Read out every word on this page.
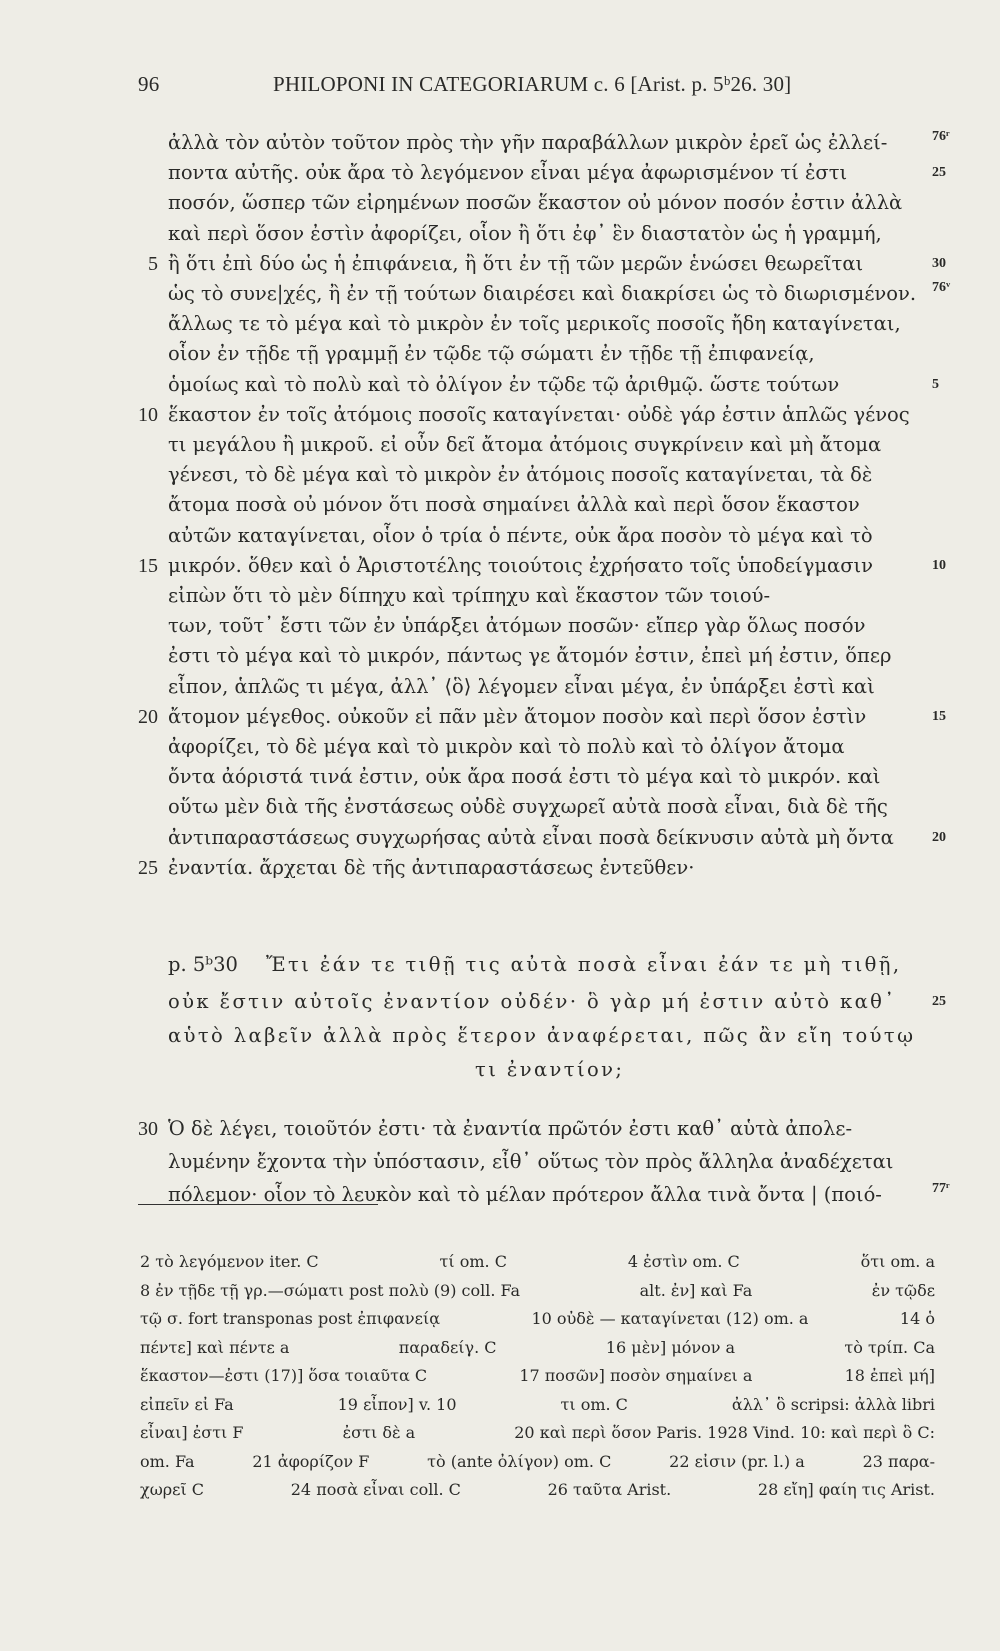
96	PHILOPONI IN CATEGORIARUM c. 6 [Arist. p. 5ᵇ26. 30]
ἀλλὰ τὸν αὐτὸν τοῦτον πρὸς τὴν γῆν παραβάλλων μικρὸν ἐρεῖ ὡς ἐλλεί-	76ʳ
ποντα αὐτῆς. οὐκ ἄρα τὸ λεγόμενον εἶναι μέγα ἀφωρισμένον τί ἐστι	25
ποσόν, ὥσπερ τῶν εἰρημένων ποσῶν ἕκαστον οὐ μόνον ποσόν ἐστιν ἀλλὰ
καὶ περὶ ὅσον ἐστὶν ἀφορίζει, οἷον ἢ ὅτι ἐφ᾿ ἓν διαστατὸν ὡς ἡ γραμμή,
5 ἢ ὅτι ἐπὶ δύο ὡς ἡ ἐπιφάνεια, ἢ ὅτι ἐν τῇ τῶν μερῶν ἑνώσει θεωρεῖται	30
ὡς τὸ συνε|χές, ἢ ἐν τῇ τούτων διαιρέσει καὶ διακρίσει ὡς τὸ διωρισμένον. 76ᵛ
ἄλλως τε τὸ μέγα καὶ τὸ μικρὸν ἐν τοῖς μερικοῖς ποσοῖς ἤδη καταγίνεται,
οἷον ἐν τῇδε τῇ γραμμῇ ἐν τῷδε τῷ σώματι ἐν τῇδε τῇ ἐπιφανείᾳ,
ὁμοίως καὶ τὸ πολὺ καὶ τὸ ὀλίγον ἐν τῷδε τῷ ἀριθμῷ. ὥστε τούτων	5
10 ἕκαστον ἐν τοῖς ἀτόμοις ποσοῖς καταγίνεται· οὐδὲ γάρ ἐστιν ἁπλῶς γένος
τι μεγάλου ἢ μικροῦ. εἰ οὖν δεῖ ἄτομα ἀτόμοις συγκρίνειν καὶ μὴ ἄτομα
γένεσι, τὸ δὲ μέγα καὶ τὸ μικρὸν ἐν ἀτόμοις ποσοῖς καταγίνεται, τὰ δὲ
ἄτομα ποσὰ οὐ μόνον ὅτι ποσὰ σημαίνει ἀλλὰ καὶ περὶ ὅσον ἕκαστον
αὐτῶν καταγίνεται, οἷον ὁ τρία ὁ πέντε, οὐκ ἄρα ποσὸν τὸ μέγα καὶ τὸ
15 μικρόν. ὅθεν καὶ ὁ Ἀριστοτέλης τοιούτοις ἐχρήσατο τοῖς ὑποδείγμασιν	10
εἰπὼν ὅτι τὸ μὲν δίπηχυ καὶ τρίπηχυ καὶ ἕκαστον τῶν τοιού-
των, τοῦτ᾿ ἔστι τῶν ἐν ὑπάρξει ἀτόμων ποσῶν· εἴπερ γὰρ ὅλως ποσόν
ἐστι τὸ μέγα καὶ τὸ μικρόν, πάντως γε ἄτομόν ἐστιν, ἐπεὶ μή ἐστιν, ὅπερ
εἶπον, ἁπλῶς τι μέγα, ἀλλ᾿ ⟨ὃ⟩ λέγομεν εἶναι μέγα, ἐν ὑπάρξει ἐστὶ καὶ
20 ἄτομον μέγεθος. οὐκοῦν εἰ πᾶν μὲν ἄτομον ποσὸν καὶ περὶ ὅσον ἐστὶν	15
ἀφορίζει, τὸ δὲ μέγα καὶ τὸ μικρὸν καὶ τὸ πολὺ καὶ τὸ ὀλίγον ἄτομα
ὄντα ἀόριστά τινά ἐστιν, οὐκ ἄρα ποσά ἐστι τὸ μέγα καὶ τὸ μικρόν. καὶ
οὕτω μὲν διὰ τῆς ἐνστάσεως οὐδὲ συγχωρεῖ αὐτὰ ποσὰ εἶναι, διὰ δὲ τῆς
ἀντιπαραστάσεως συγχωρήσας αὐτὰ εἶναι ποσὰ δείκνυσιν αὐτὰ μὴ ὄντα	20
25 ἐναντία. ἄρχεται δὲ τῆς ἀντιπαραστάσεως ἐντεῦθεν·
p. 5ᵇ30 Ἔτι ἐάν τε τιθῇ τις αὐτὰ ποσὰ εἶναι ἐάν τε μὴ τιθῇ,
οὐκ ἔστιν αὐτοῖς ἐναντίον οὐδέν· ὃ γὰρ μή ἐστιν αὐτὸ καθ᾿	25
αὑτὸ λαβεῖν ἀλλὰ πρὸς ἕτερον ἀναφέρεται, πῶς ἂν εἴη τούτῳ
τι ἐναντίον;
30 Ὁ δὲ λέγει, τοιοῦτόν ἐστι· τὰ ἐναντία πρῶτόν ἐστι καθ᾿ αὑτὰ ἀπολε-
λυμένην ἔχοντα τὴν ὑπόστασιν, εἶθ᾿ οὕτως τὸν πρὸς ἄλληλα ἀναδέχεται
πόλεμον· οἷον τὸ λευκὸν καὶ τὸ μέλαν πρότερον ἄλλα τινὰ ὄντα | (ποιό-	77ʳ
2 τὸ λεγόμενον iter. C	τί om. C	4 ἐστὶν om. C	ὅτι om. a
8 ἐν τῇδε τῇ γρ.—σώματι post πολὺ (9) coll. Fa	alt. ἐν] καὶ Fa	ἐν τῷδε
τῷ σ. fort transponas post ἐπιφανείᾳ	10 οὐδὲ — καταγίνεται (12) om. a	14 ὁ
πέντε] καὶ πέντε a	παραδείγ. C	16 μὲν] μόνον a	τὸ τρίπ. Ca
ἕκαστον—ἐστι (17)] ὅσα τοιαῦτα C	17 ποσῶν] ποσὸν σημαίνει a	18 ἐπεὶ μή]
εἰπεῖν εἰ Fa	19 εἶπον] v. 10	τι om. C	ἀλλ᾿ ὃ scripsi: ἀλλὰ libri
εἶναι] ἐστι F	ἐστι δὲ a	20 καὶ περὶ ὅσον Paris. 1928 Vind. 10: καὶ περὶ ὃ C:
om. Fa	21 ἀφορίζον F	τὸ (ante ὀλίγον) om. C	22 εἰσιν (pr. l.) a	23 παρα-
χωρεῖ C	24 ποσὰ εἶναι coll. C	26 ταῦτα Arist.	28 εἴη] φαίη τις Arist.
